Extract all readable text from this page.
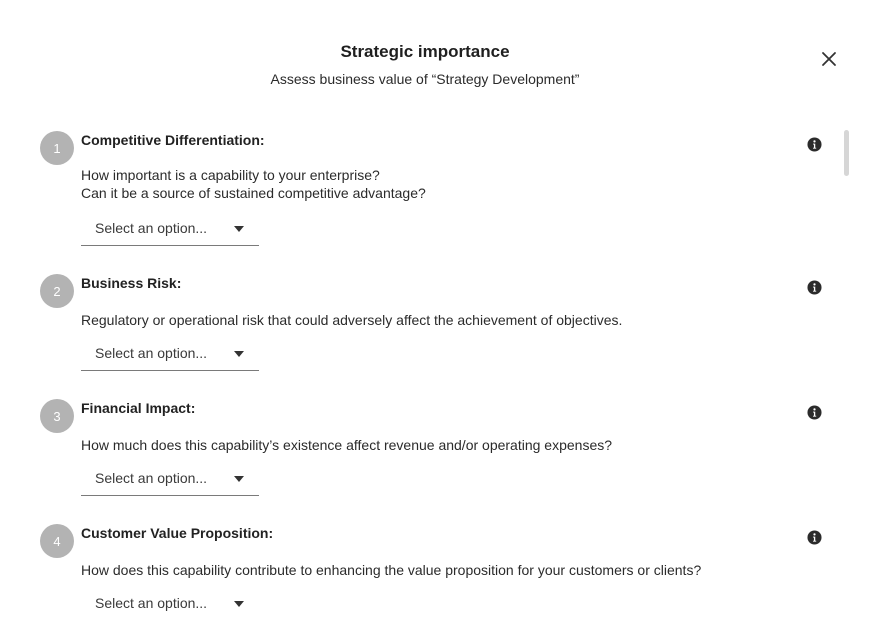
Strategic importance
Assess business value of “Strategy Development”
1	Competitive Differentiation:
How important is a capability to your enterprise?
Can it be a source of sustained competitive advantage?
Select an option...
2	Business Risk:
Regulatory or operational risk that could adversely affect the achievement of objectives.
Select an option...
3	Financial Impact:
How much does this capability’s existence affect revenue and/or operating expenses?
Select an option...
4	Customer Value Proposition:
How does this capability contribute to enhancing the value proposition for your customers or clients?
Select an option...
